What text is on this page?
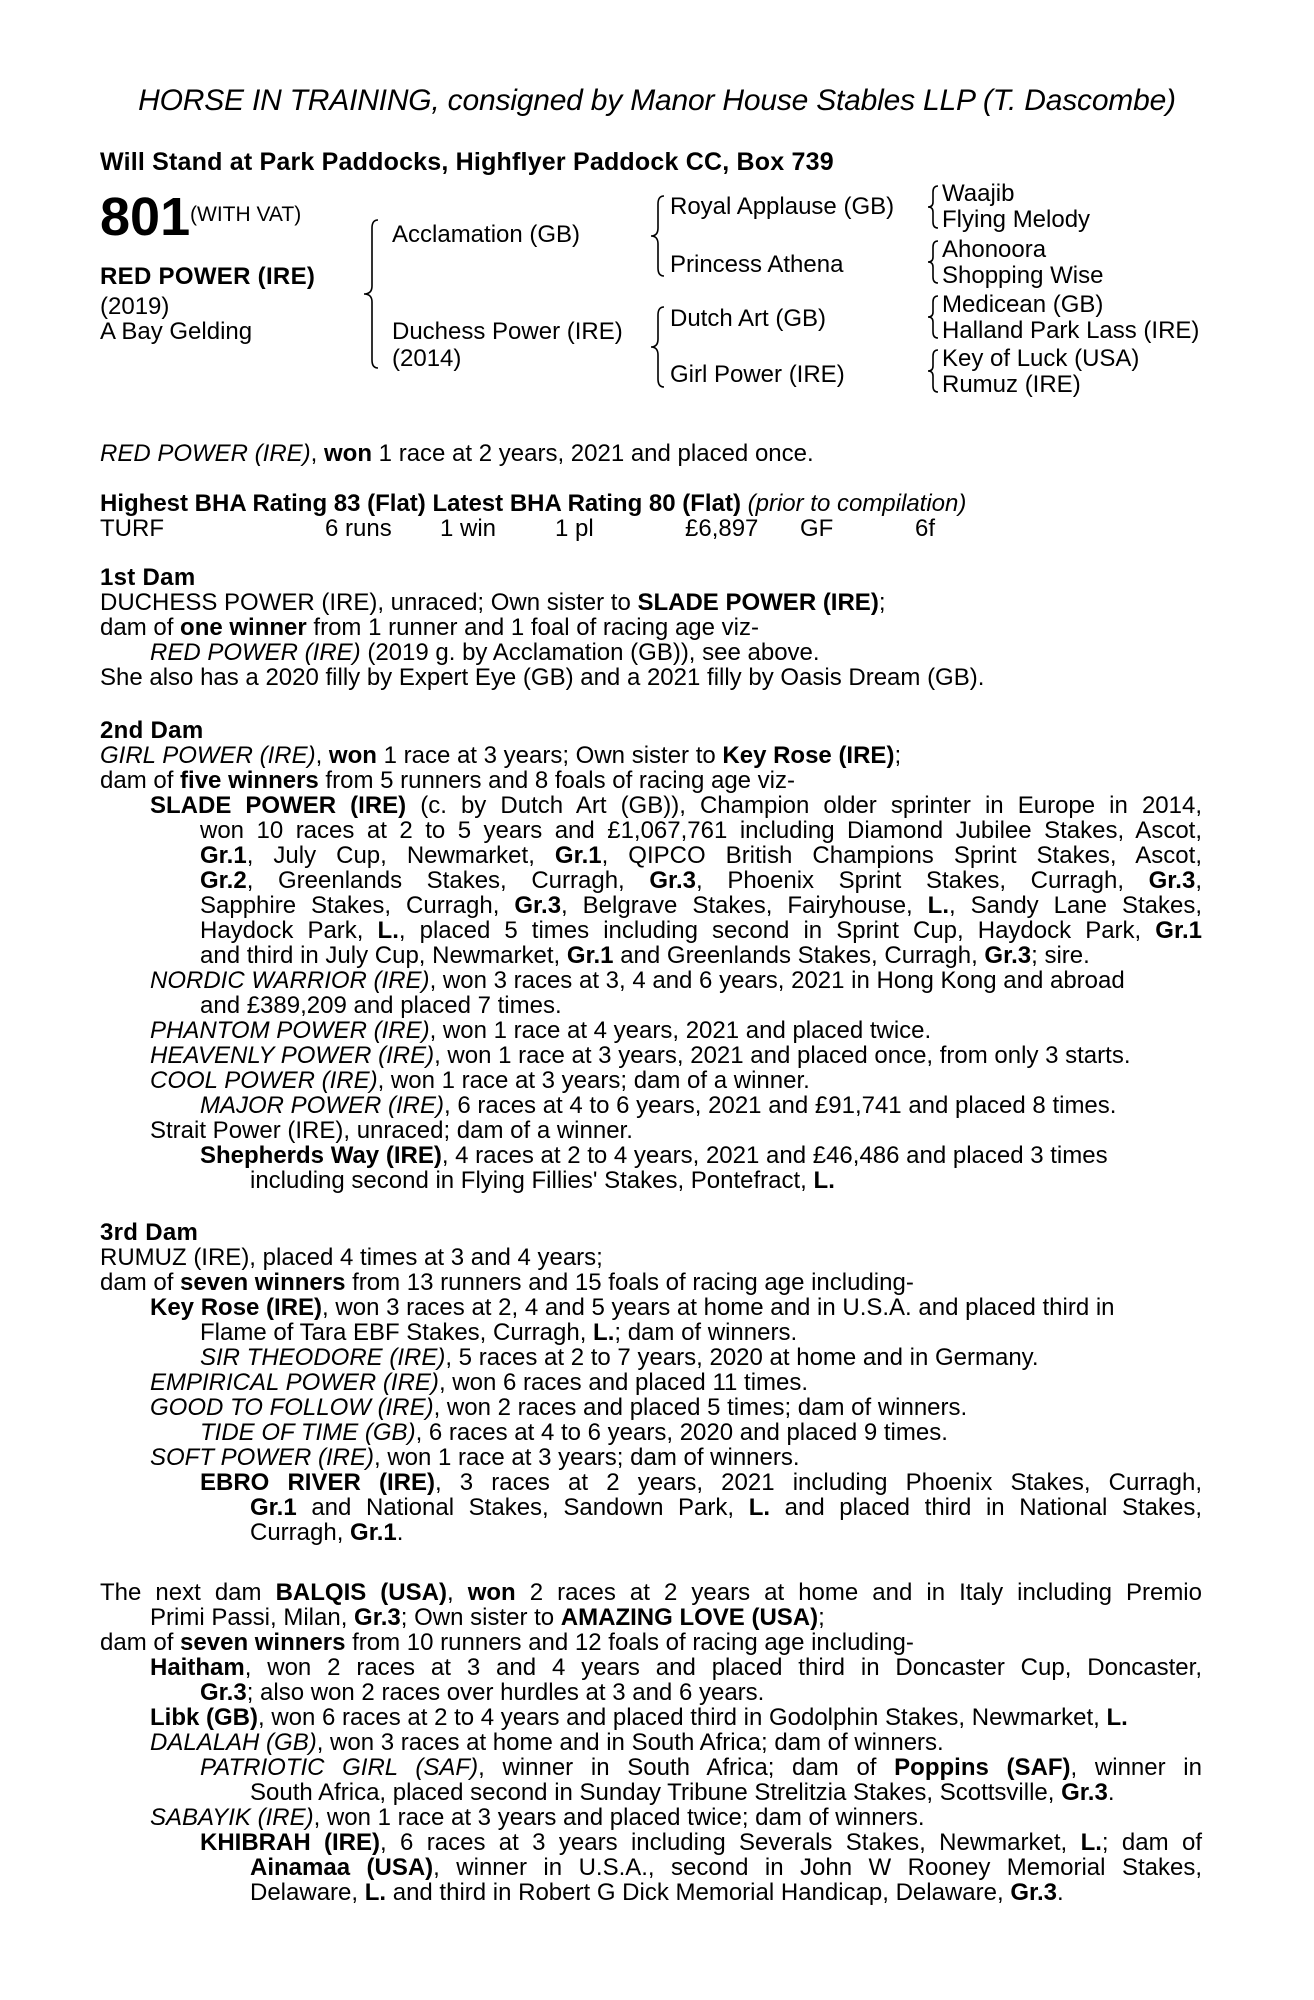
HORSE IN TRAINING, consigned by Manor House Stables LLP (T. Dascombe)
Will Stand at Park Paddocks, Highflyer Paddock CC, Box 739
801 (WITH VAT)
RED POWER (IRE)
(2019)
A Bay Gelding
Acclamation (GB)
Duchess Power (IRE)
(2014)
Royal Applause (GB)
Princess Athena
Dutch Art (GB)
Girl Power (IRE)
Waajib
Flying Melody
Ahonoora
Shopping Wise
Medicean (GB)
Halland Park Lass (IRE)
Key of Luck (USA)
Rumuz (IRE)
RED POWER (IRE), won 1 race at 2 years, 2021 and placed once.
Highest BHA Rating 83 (Flat) Latest BHA Rating 80 (Flat) (prior to compilation)
TURF	6 runs 1 win 1 pl	£6,897 GF	6f
1st Dam
DUCHESS POWER (IRE), unraced; Own sister to SLADE POWER (IRE);
dam of one winner from 1 runner and 1 foal of racing age viz-
RED POWER (IRE) (2019 g. by Acclamation (GB)), see above.
She also has a 2020 filly by Expert Eye (GB) and a 2021 filly by Oasis Dream (GB).
2nd Dam
GIRL POWER (IRE), won 1 race at 3 years; Own sister to Key Rose (IRE);
dam of five winners from 5 runners and 8 foals of racing age viz-
SLADE POWER (IRE) (c. by Dutch Art (GB)), Champion older sprinter in Europe in 2014,
won 10 races at 2 to 5 years and £1,067,761 including Diamond Jubilee Stakes, Ascot,
Gr.1, July Cup, Newmarket, Gr.1, QIPCO British Champions Sprint Stakes, Ascot,
Gr.2, Greenlands Stakes, Curragh, Gr.3, Phoenix Sprint Stakes, Curragh, Gr.3,
Sapphire Stakes, Curragh, Gr.3, Belgrave Stakes, Fairyhouse, L., Sandy Lane Stakes,
Haydock Park, L., placed 5 times including second in Sprint Cup, Haydock Park, Gr.1
and third in July Cup, Newmarket, Gr.1 and Greenlands Stakes, Curragh, Gr.3; sire.
NORDIC WARRIOR (IRE), won 3 races at 3, 4 and 6 years, 2021 in Hong Kong and abroad
and £389,209 and placed 7 times.
PHANTOM POWER (IRE), won 1 race at 4 years, 2021 and placed twice.
HEAVENLY POWER (IRE), won 1 race at 3 years, 2021 and placed once, from only 3 starts.
COOL POWER (IRE), won 1 race at 3 years; dam of a winner.
MAJOR POWER (IRE), 6 races at 4 to 6 years, 2021 and £91,741 and placed 8 times.
Strait Power (IRE), unraced; dam of a winner.
Shepherds Way (IRE), 4 races at 2 to 4 years, 2021 and £46,486 and placed 3 times
including second in Flying Fillies' Stakes, Pontefract, L.
3rd Dam
RUMUZ (IRE), placed 4 times at 3 and 4 years;
dam of seven winners from 13 runners and 15 foals of racing age including-
Key Rose (IRE), won 3 races at 2, 4 and 5 years at home and in U.S.A. and placed third in
Flame of Tara EBF Stakes, Curragh, L.; dam of winners.
SIR THEODORE (IRE), 5 races at 2 to 7 years, 2020 at home and in Germany.
EMPIRICAL POWER (IRE), won 6 races and placed 11 times.
GOOD TO FOLLOW (IRE), won 2 races and placed 5 times; dam of winners.
TIDE OF TIME (GB), 6 races at 4 to 6 years, 2020 and placed 9 times.
SOFT POWER (IRE), won 1 race at 3 years; dam of winners.
EBRO RIVER (IRE), 3 races at 2 years, 2021 including Phoenix Stakes, Curragh,
Gr.1 and National Stakes, Sandown Park, L. and placed third in National Stakes,
Curragh, Gr.1.
The next dam BALQIS (USA), won 2 races at 2 years at home and in Italy including Premio
Primi Passi, Milan, Gr.3; Own sister to AMAZING LOVE (USA);
dam of seven winners from 10 runners and 12 foals of racing age including-
Haitham, won 2 races at 3 and 4 years and placed third in Doncaster Cup, Doncaster,
Gr.3; also won 2 races over hurdles at 3 and 6 years.
Libk (GB), won 6 races at 2 to 4 years and placed third in Godolphin Stakes, Newmarket, L.
DALALAH (GB), won 3 races at home and in South Africa; dam of winners.
PATRIOTIC GIRL (SAF), winner in South Africa; dam of Poppins (SAF), winner in
South Africa, placed second in Sunday Tribune Strelitzia Stakes, Scottsville, Gr.3.
SABAYIK (IRE), won 1 race at 3 years and placed twice; dam of winners.
KHIBRAH (IRE), 6 races at 3 years including Severals Stakes, Newmarket, L.; dam of
Ainamaa (USA), winner in U.S.A., second in John W Rooney Memorial Stakes,
Delaware, L. and third in Robert G Dick Memorial Handicap, Delaware, Gr.3.
